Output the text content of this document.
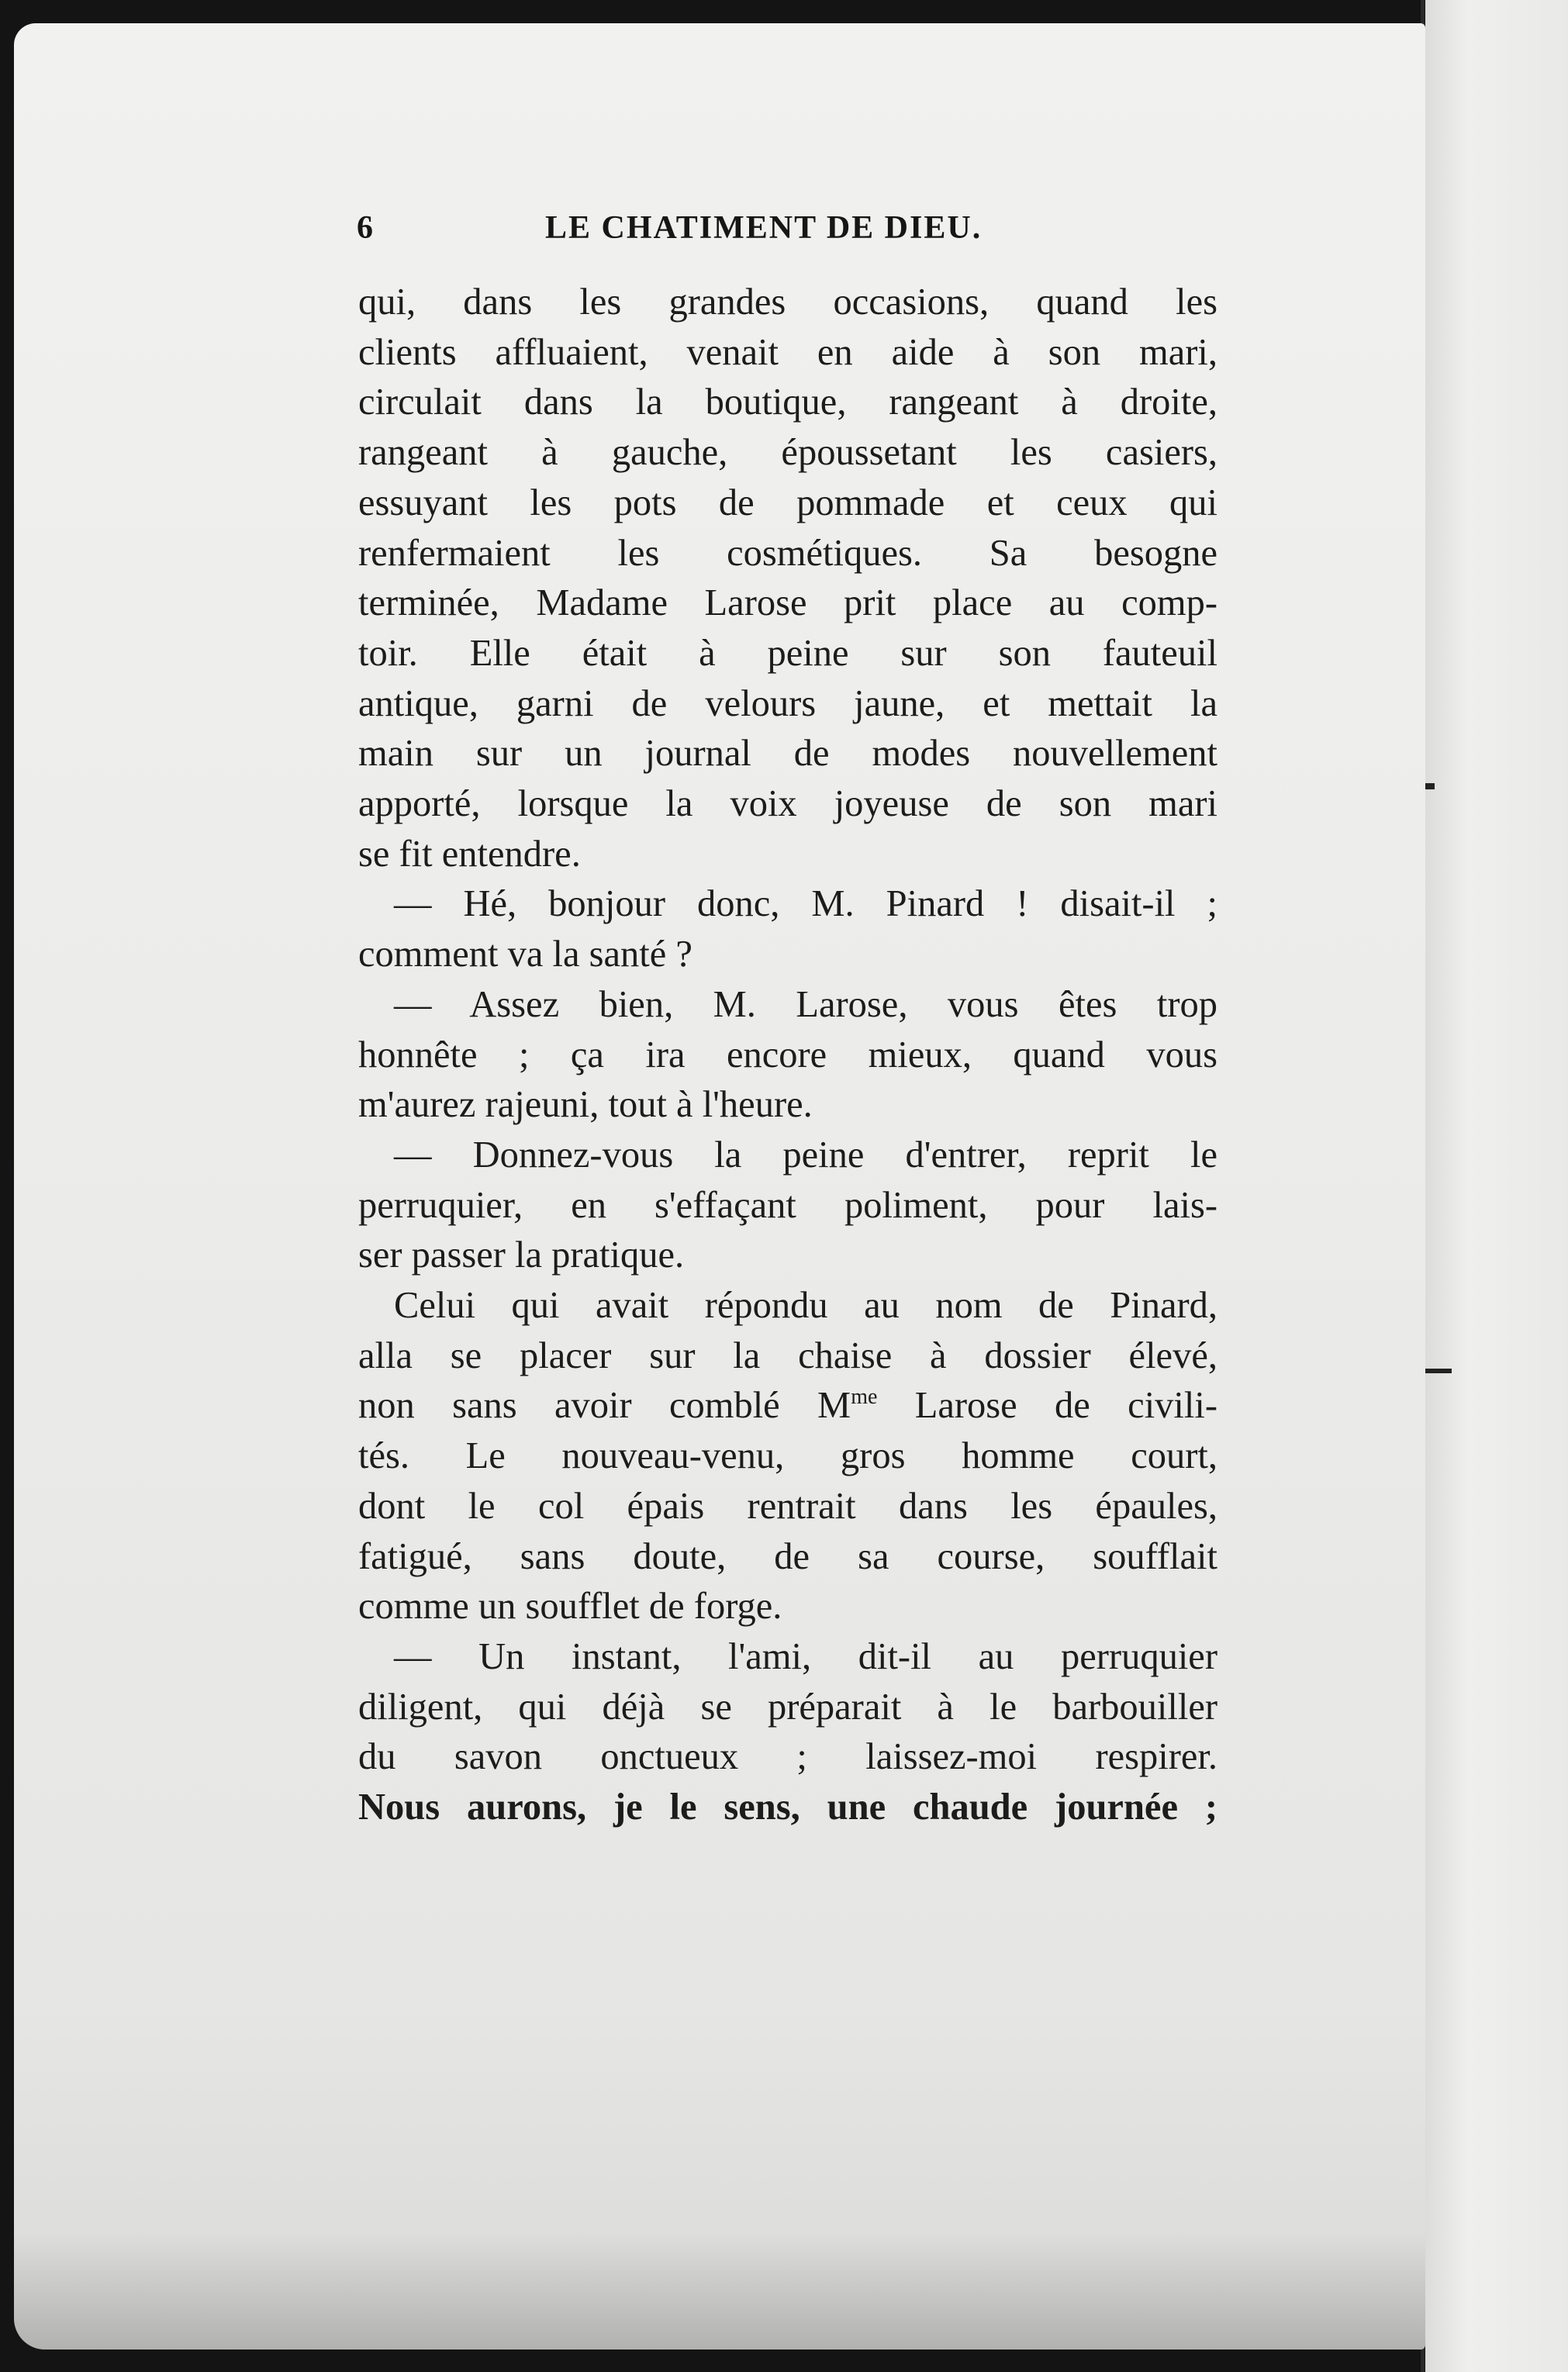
6	LE CHATIMENT DE DIEU.
qui, dans les grandes occasions, quand les
clients affluaient, venait en aide à son mari,
circulait dans la boutique, rangeant à droite,
rangeant à gauche, époussetant les casiers,
essuyant les pots de pommade et ceux qui
renfermaient les cosmétiques. Sa besogne
terminée, Madame Larose prit place au comp-
toir. Elle était à peine sur son fauteuil
antique, garni de velours jaune, et mettait la
main sur un journal de modes nouvellement
apporté, lorsque la voix joyeuse de son mari
se fit entendre.
— Hé, bonjour donc, M. Pinard ! disait-il ;
comment va la santé ?
— Assez bien, M. Larose, vous êtes trop
honnête ; ça ira encore mieux, quand vous
m'aurez rajeuni, tout à l'heure.
— Donnez-vous la peine d'entrer, reprit le
perruquier, en s'effaçant poliment, pour lais-
ser passer la pratique.
Celui qui avait répondu au nom de Pinard,
alla se placer sur la chaise à dossier élevé,
non sans avoir comblé $M^{me}$ Larose de civili-
tés. Le nouveau-venu, gros homme court,
dont le col épais rentrait dans les épaules,
fatigué, sans doute, de sa course, soufflait
comme un soufflet de forge.
— Un instant, l'ami, dit-il au perruquier
diligent, qui déjà se préparait à le barbouiller
du savon onctueux ; laissez-moi respirer.
Nous aurons, je le sens, une chaude journée ;
